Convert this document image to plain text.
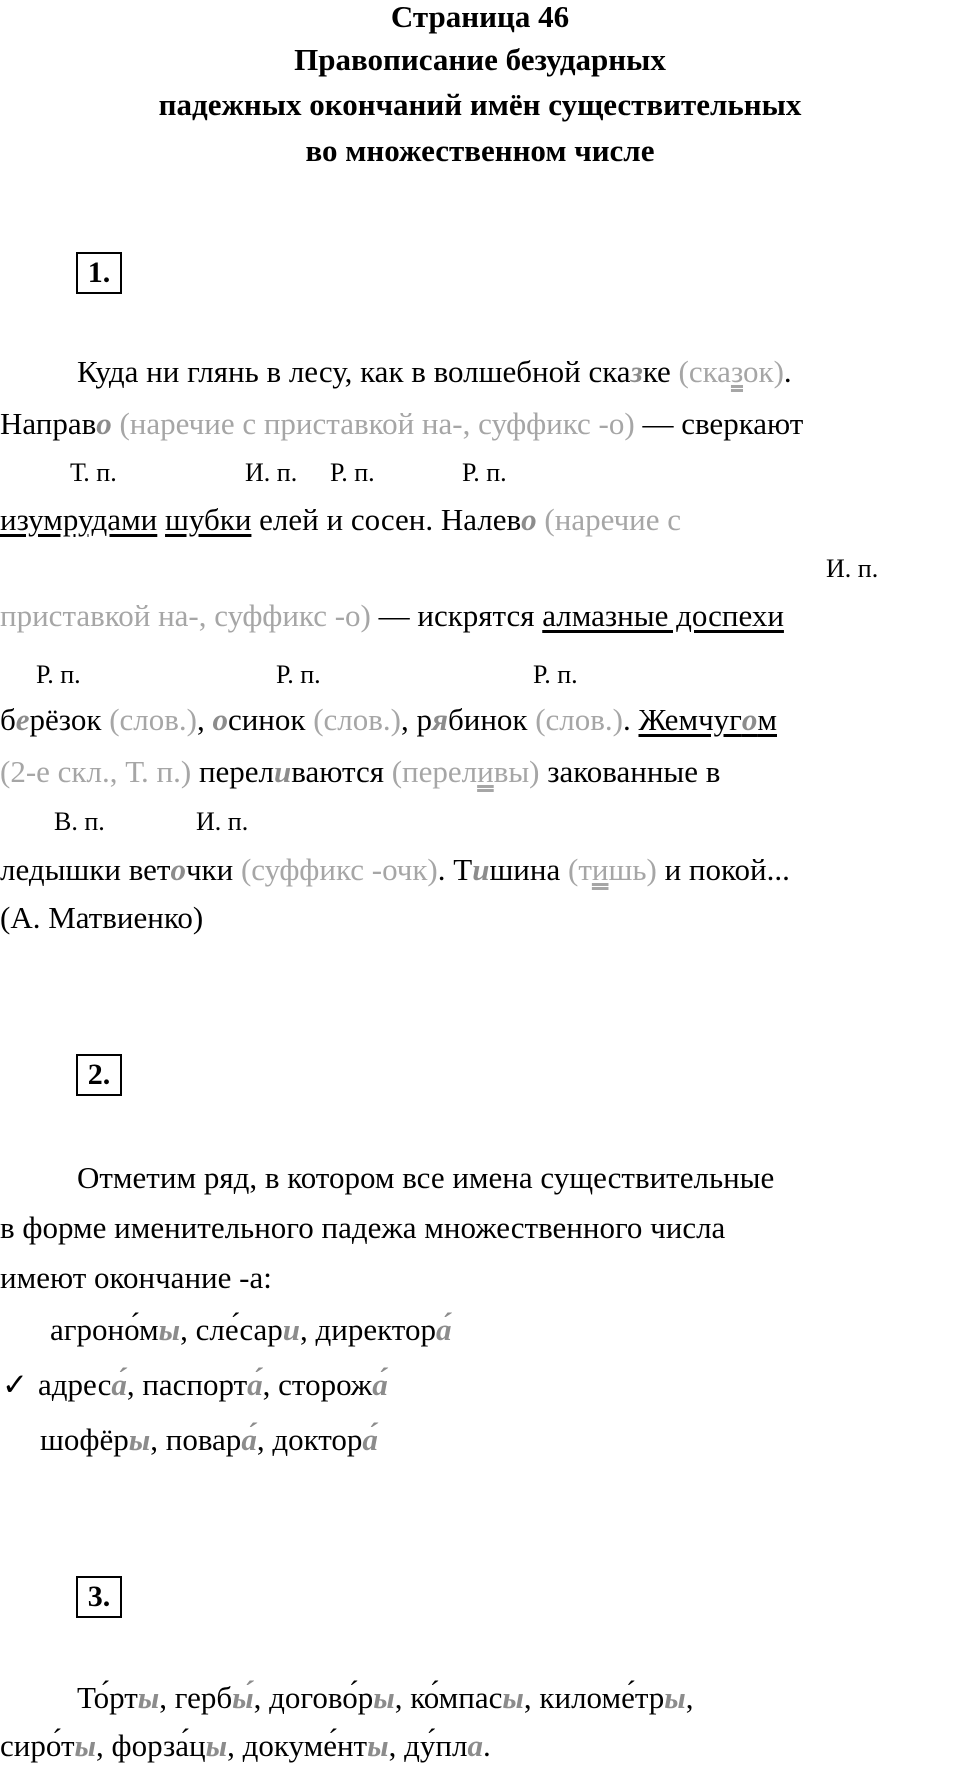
Страница 46
Правописание безударных
падежных окончаний имён существительных
во множественном числе
1.
Куда ни глянь в лесу, как в волшебной сказке (сказок).
Направо (наречие с приставкой на-, суффикс -о) — сверкают
Т. п.	И. п. Р. п.	Р. п.
изумрудами шубки елей и сосен. Налево (наречие с
И. п.
приставкой на-, суффикс -о) — искрятся алмазные доспехи
Р. п.	Р. п.	Р. п.
берёзок (слов.), осинок (слов.), рябинок (слов.). Жемчугом
(2-е скл., Т. п.) переливаются (переливы) закованные в
В. п.	И. п.
ледышки веточки (суффикс -очк). Тишина (тишь) и покой...
(А. Матвиенко)
2.
Отметим ряд, в котором все имена существительные
в форме именительного падежа множественного числа
имеют окончание -а:
агроно́мы, сле́сари, директора́
✓ адреса́, паспорта́, сторожа́
шофёры, повара́, доктора́
3.
То́рты, гербы́, догово́ры, ко́мпасы, киломе́тры,
сиро́ты, форза́цы, докуме́нты, ду́пла.
